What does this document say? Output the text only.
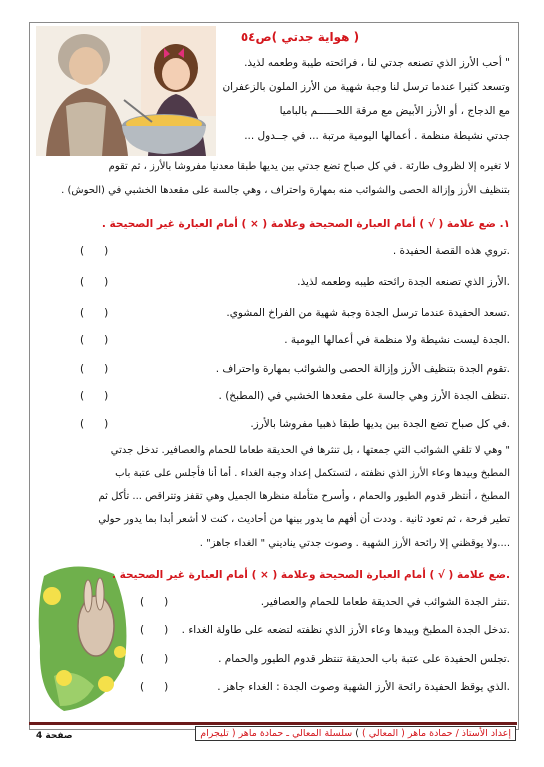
( هواية جدتي )ص٥٤
" أحب الأرز الذي تصنعه جدتي لنا ، فرائحته طيبة وطعمه لذيذ.
وتسعد كثيرا عندما ترسل لنا وجبة شهية من الأرز الملون بالزعفران
مع الدجاج ، أو الأرز الأبيض مع مرقة اللحــــــم بالباميا
جدتي نشيطة منظمة . أعمالها اليومية مرتبة ... في جــدول ...
لا تغيره إلا لظروف طارئة . في كل صباح تضع جدتي بين يديها طبقا معدنيا مفروشا بالأرز ، ثم تقوم
بتنظيف الأرز وإزالة الحصى والشوائب منه بمهارة واحتراف ، وهي جالسة على مقعدها الخشبي في (الحوش) .
١. ضع علامة ( √ ) أمام العبارة الصحيحة وعلامة ( × ) أمام العبارة غير الصحيحة .
.تروي هذه القصة الحفيدة .
(      )
.الأرز الذي تصنعه الجدة رائحته طيبه وطعمه لذيذ.
(      )
.تسعد الحفيدة عندما ترسل الجدة وجبة شهية من الفراخ المشوي.
(      )
.الجدة ليست نشيطة ولا منظمة في أعمالها اليومية .
(      )
.تقوم الجدة بتنظيف الأرز وإزالة الحصى والشوائب بمهارة واحتراف .
(      )
.تنظف الجدة الأرز وهي جالسة على مقعدها الخشبي في (المطبخ) .
(      )
.في كل صباح تضع الجدة بين يديها طبقا ذهبيا مفروشا بالأرز.
(      )
" وهي لا تلقي الشوائب التي جمعتها ، بل تنثرها في الحديقة طعاما للحمام والعصافير. تدخل جدتي
المطبخ وبيدها وعاء الأرز الذي نظفته ، لتستكمل إعداد وجبة الغداء . أما أنا فأجلس على عتبة باب
المطبخ ، أنتظر قدوم الطيور والحمام ، وأسرح متأملة منظرها الجميل وهي تقفز وتتراقص ... تأكل ثم
تطير فرحة ، ثم تعود ثانية . وددت أن أفهم ما يدور بينها من أحاديث ، كنت لا أشعر أبدا بما يدور حولي
....ولا يوقظني إلا رائحة الأرز الشهية . وصوت جدتي يناديني " الغداء جاهز" .
.ضع علامة ( √ ) أمام العبارة الصحيحة وعلامة ( × ) أمام العبارة غير الصحيحة .
.تنثر الجدة الشوائب في الحديقة طعاما للحمام والعصافير.
(      )
.تدخل الجدة المطبخ وبيدها وعاء الأرز الذي نظفته لتضعه على طاولة الغداء .
(      )
.تجلس الحفيدة على عتبة باب الحديقة تنتظر قدوم الطيور والحمام .
(      )
.الذي يوقظ الحفيدة رائحة الأرز الشهية وصوت الجدة : الغداء جاهز .
(      )
صفحة 4	إعداد الأستاذ / حمادة ماهر ( المعالي ) ) سلسلة المعالي ـ حمادة ماهر ( تليجرام
